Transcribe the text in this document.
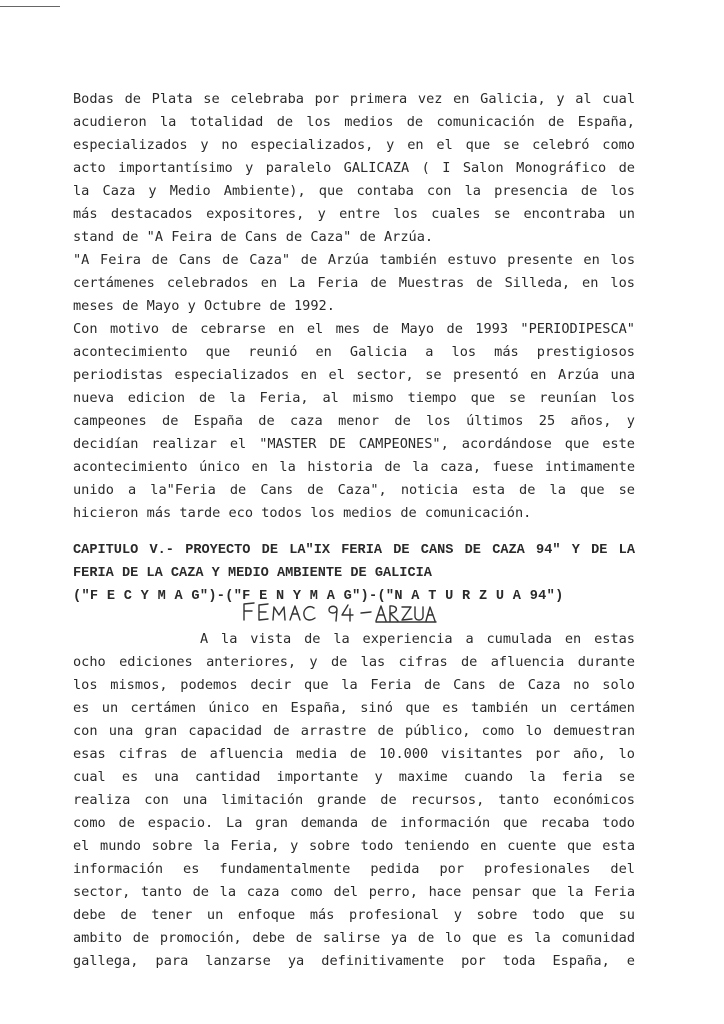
Bodas de Plata se celebraba por primera vez en Galicia, y al cual
acudieron la totalidad de los medios de comunicación de España,
especializados y no especializados, y en el que se celebró como
acto importantísimo y paralelo GALICAZA ( I Salon Monográfico de
la Caza y Medio Ambiente), que contaba con la presencia de los
más destacados expositores, y entre los cuales se encontraba un
stand de "A Feira de Cans de Caza" de Arzúa.
"A Feira de Cans de Caza" de Arzúa también estuvo presente en los
certámenes celebrados en La Feria de Muestras de Silleda, en los
meses de Mayo y Octubre de 1992.
Con motivo de cebrarse en el mes de Mayo de 1993 "PERIODIPESCA"
acontecimiento que reunió en Galicia a los más prestigiosos
periodistas especializados en el sector, se presentó en Arzúa una
nueva edicion de la Feria, al mismo tiempo que se reunían los
campeones de España de caza menor de los últimos 25 años, y
decidían realizar el "MASTER DE CAMPEONES", acordándose que este
acontecimiento único en la historia de la caza, fuese intimamente
unido a la"Feria de Cans de Caza", noticia esta de la que se
hicieron más tarde eco todos los medios de comunicación.
CAPITULO V.- PROYECTO DE LA"IX FERIA DE CANS DE CAZA 94" Y DE LA
FERIA DE LA CAZA Y MEDIO AMBIENTE DE GALICIA
("F E C Y M A G")-("F E N Y M A G")-("N A T U R Z U A 94")
A la vista de la experiencia a cumulada en estas
ocho ediciones anteriores, y de las cifras de afluencia durante
los mismos, podemos decir que la Feria de Cans de Caza no solo
es un certámen único en España, sinó que es también un certámen
con una gran capacidad de arrastre de público, como lo demuestran
esas cifras de afluencia media de 10.000 visitantes por año, lo
cual es una cantidad importante y maxime cuando la feria se
realiza con una limitación grande de recursos, tanto económicos
como de espacio. La gran demanda de información que recaba todo
el mundo sobre la Feria, y sobre todo teniendo en cuente que esta
información es fundamentalmente pedida por profesionales del
sector, tanto de la caza como del perro, hace pensar que la Feria
debe de tener un enfoque más profesional y sobre todo que su
ambito de promoción, debe de salirse ya de lo que es la comunidad
gallega, para lanzarse ya definitivamente por toda España, e
